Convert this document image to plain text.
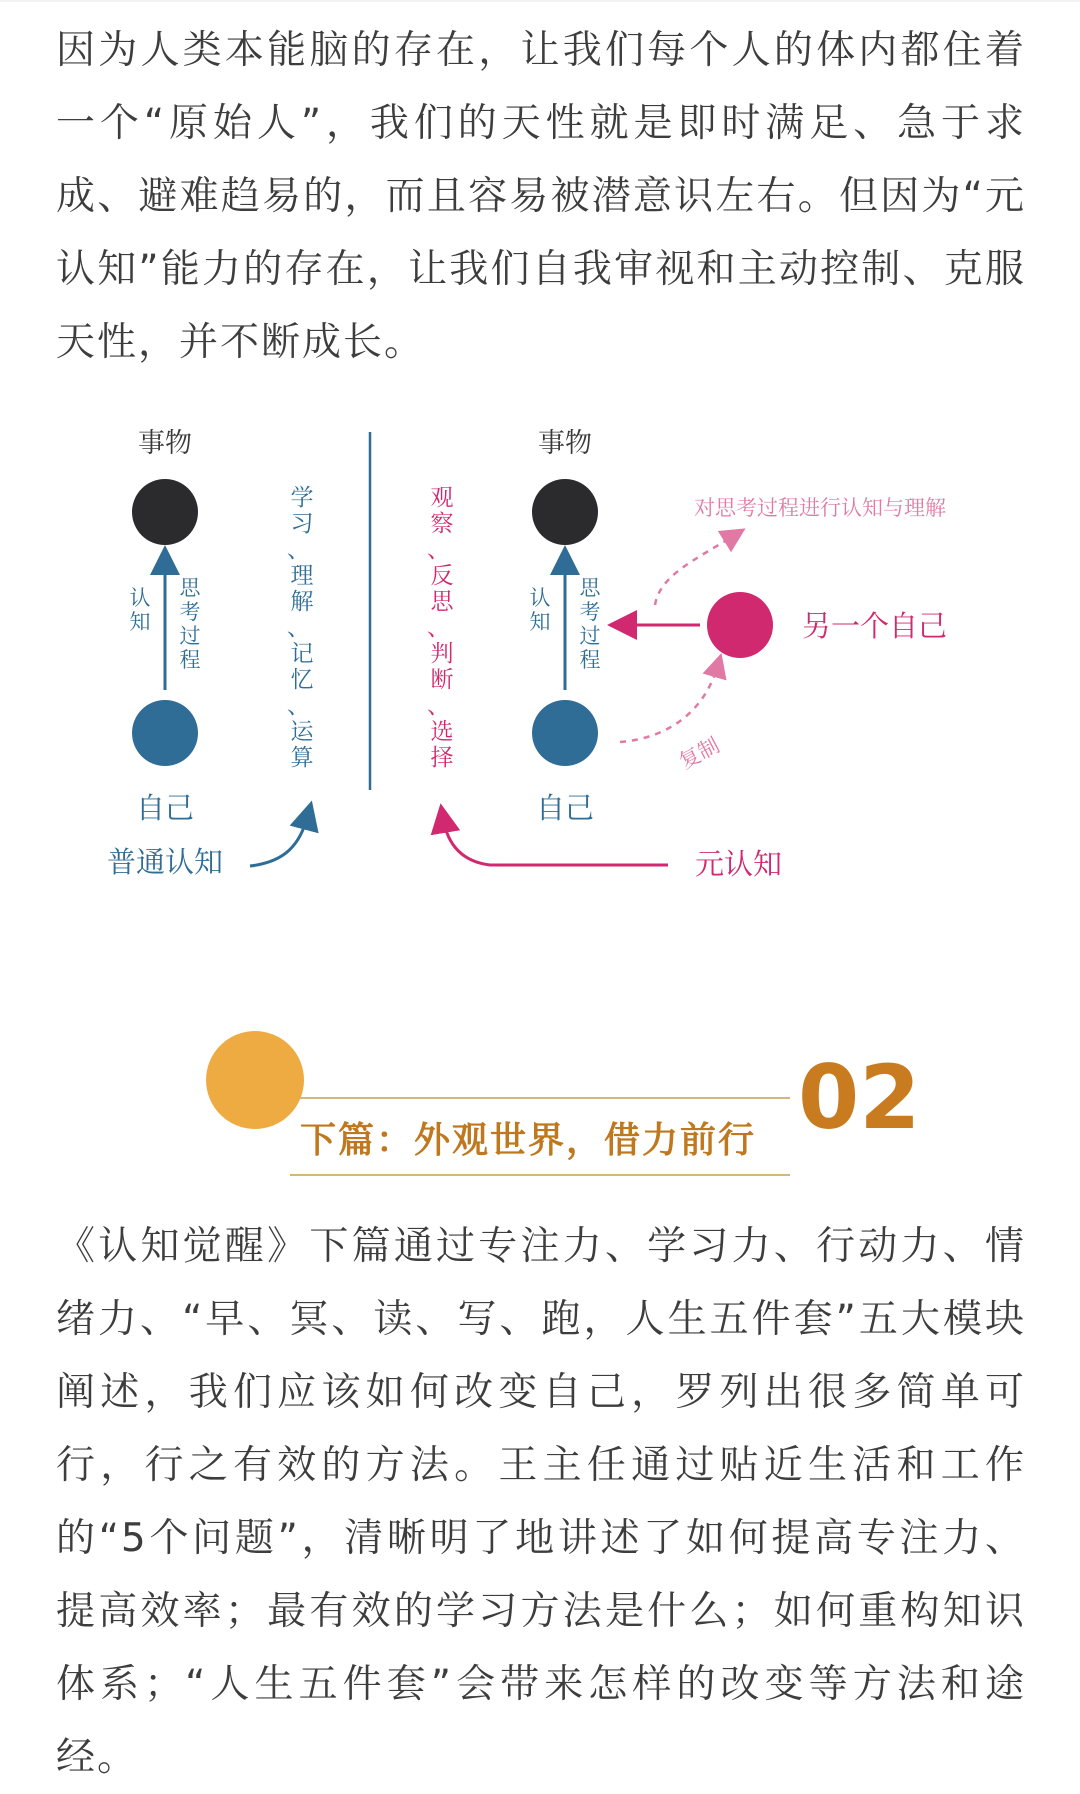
因为人类本能脑的存在，让我们每个人的体内都住着一个“原始人”，我们的天性就是即时满足、急于求成、避难趋易的，而且容易被潜意识左右。但因为“元认知”能力的存在，让我们自我审视和主动控制、克服天性，并不断成长。

事物
认知
思考过程
自己
学习、 理解、 记忆、 运算
普通认知
观察、 反思、 判断、 选择
事物
认知
思考过程
自己
另一个自己
对思考过程进行认知与理解
复制
元认知
02
下篇：外观世界，借力前行

《认知觉醒》下篇通过专注力、学习力、行动力、情绪力、“早、冥、读、写、跑，人生五件套”五大模块阐述，我们应该如何改变自己，罗列出很多简单可行，行之有效的方法。王主任通过贴近生活和工作的“5个问题”，清晰明了地讲述了如何提高专注力、提高效率；最有效的学习方法是什么；如何重构知识体系；“人生五件套”会带来怎样的改变等方法和途经。
